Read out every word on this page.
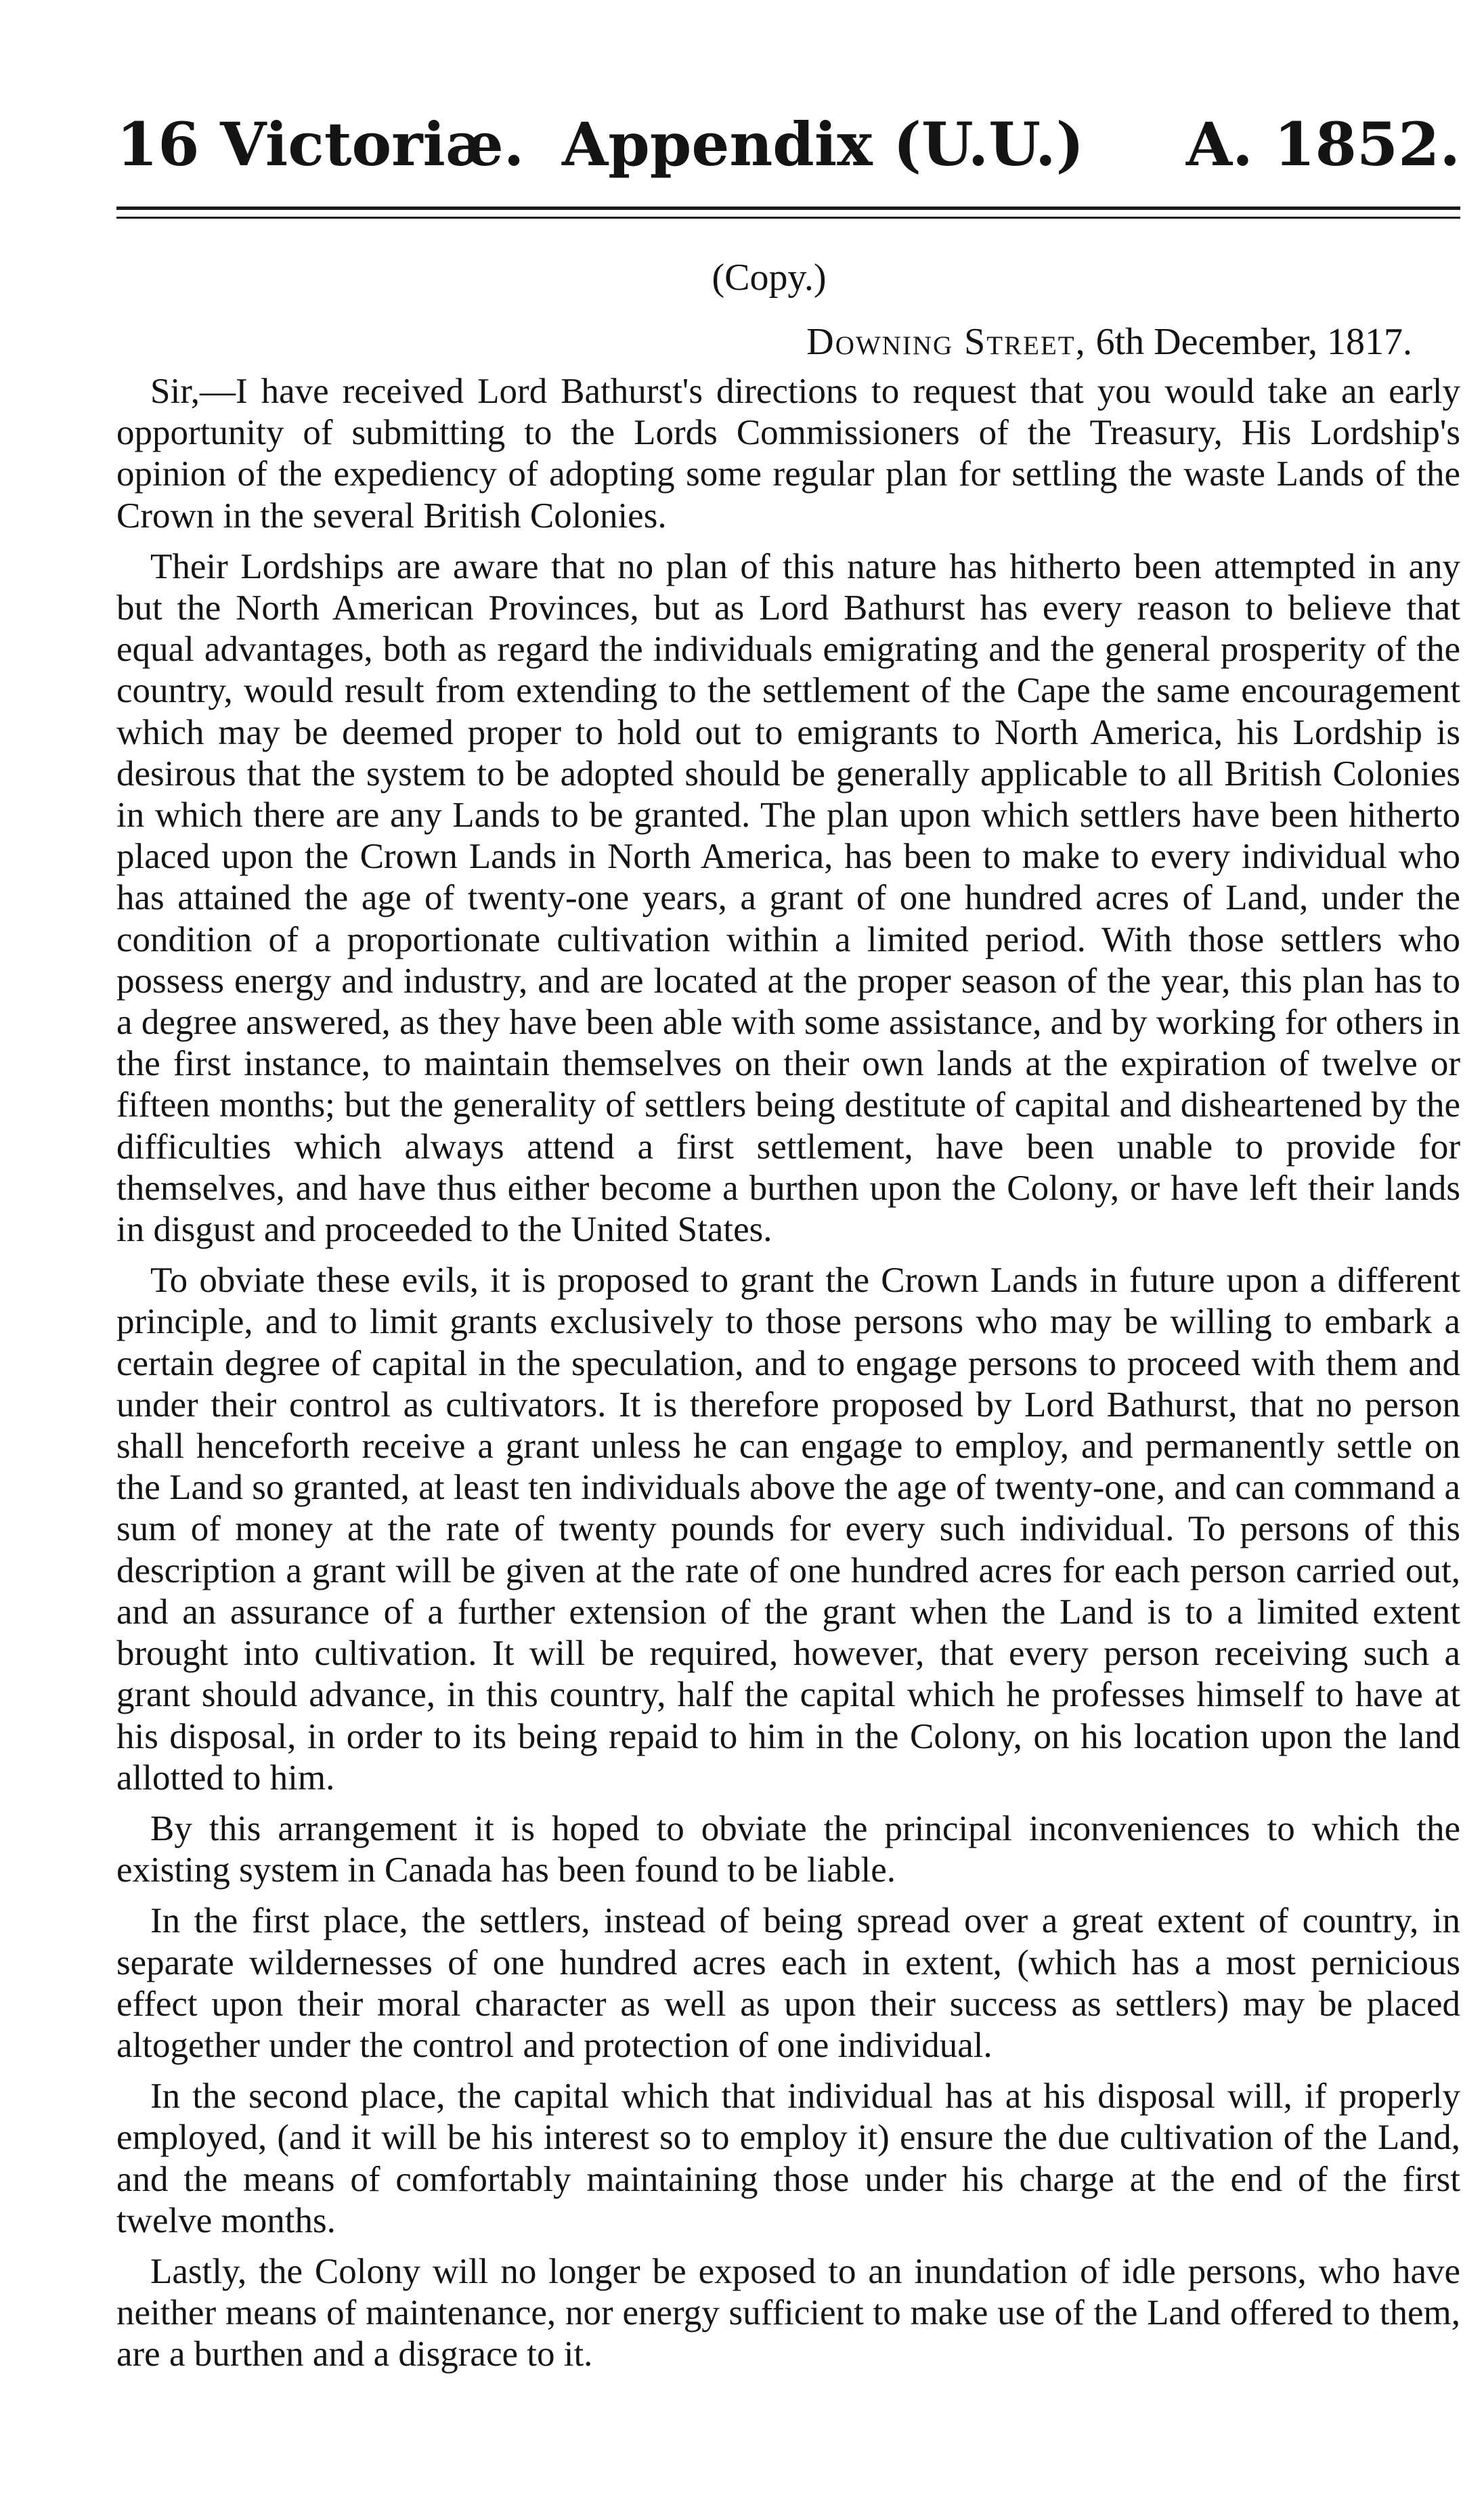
16 Victoriæ. Appendix (U.U.) A. 1852.
(Copy.)
Downing Street, 6th December, 1817.

Sir,—I have received Lord Bathurst's directions to request that you would take an early opportunity of submitting to the Lords Commissioners of the Treasury, His Lordship's opinion of the expediency of adopting some regular plan for settling the waste Lands of the Crown in the several British Colonies.

Their Lordships are aware that no plan of this nature has hitherto been attempted in any but the North American Provinces, but as Lord Bathurst has every reason to believe that equal advantages, both as regard the individuals emigrating and the general prosperity of the country, would result from extending to the settlement of the Cape the same encouragement which may be deemed proper to hold out to emigrants to North America, his Lordship is desirous that the system to be adopted should be generally applicable to all British Colonies in which there are any Lands to be granted. The plan upon which settlers have been hitherto placed upon the Crown Lands in North America, has been to make to every individual who has attained the age of twenty-one years, a grant of one hundred acres of Land, under the condition of a proportionate cultivation within a limited period. With those settlers who possess energy and industry, and are located at the proper season of the year, this plan has to a degree answered, as they have been able with some assistance, and by working for others in the first instance, to maintain themselves on their own lands at the expiration of twelve or fifteen months; but the generality of settlers being destitute of capital and disheartened by the difficulties which always attend a first settlement, have been unable to provide for themselves, and have thus either become a burthen upon the Colony, or have left their lands in disgust and proceeded to the United States.

To obviate these evils, it is proposed to grant the Crown Lands in future upon a different principle, and to limit grants exclusively to those persons who may be willing to embark a certain degree of capital in the speculation, and to engage persons to proceed with them and under their control as cultivators. It is therefore proposed by Lord Bathurst, that no person shall henceforth receive a grant unless he can engage to employ, and permanently settle on the Land so granted, at least ten individuals above the age of twenty-one, and can command a sum of money at the rate of twenty pounds for every such individual. To persons of this description a grant will be given at the rate of one hundred acres for each person carried out, and an assurance of a further extension of the grant when the Land is to a limited extent brought into cultivation. It will be required, however, that every person receiving such a grant should advance, in this country, half the capital which he professes himself to have at his disposal, in order to its being repaid to him in the Colony, on his location upon the land allotted to him.

By this arrangement it is hoped to obviate the principal inconveniences to which the existing system in Canada has been found to be liable.

In the first place, the settlers, instead of being spread over a great extent of country, in separate wildernesses of one hundred acres each in extent, (which has a most pernicious effect upon their moral character as well as upon their success as settlers) may be placed altogether under the control and protection of one individual.

In the second place, the capital which that individual has at his disposal will, if properly employed, (and it will be his interest so to employ it) ensure the due cultivation of the Land, and the means of comfortably maintaining those under his charge at the end of the first twelve months.

Lastly, the Colony will no longer be exposed to an inundation of idle persons, who have neither means of maintenance, nor energy sufficient to make use of the Land offered to them, are a burthen and a disgrace to it.
